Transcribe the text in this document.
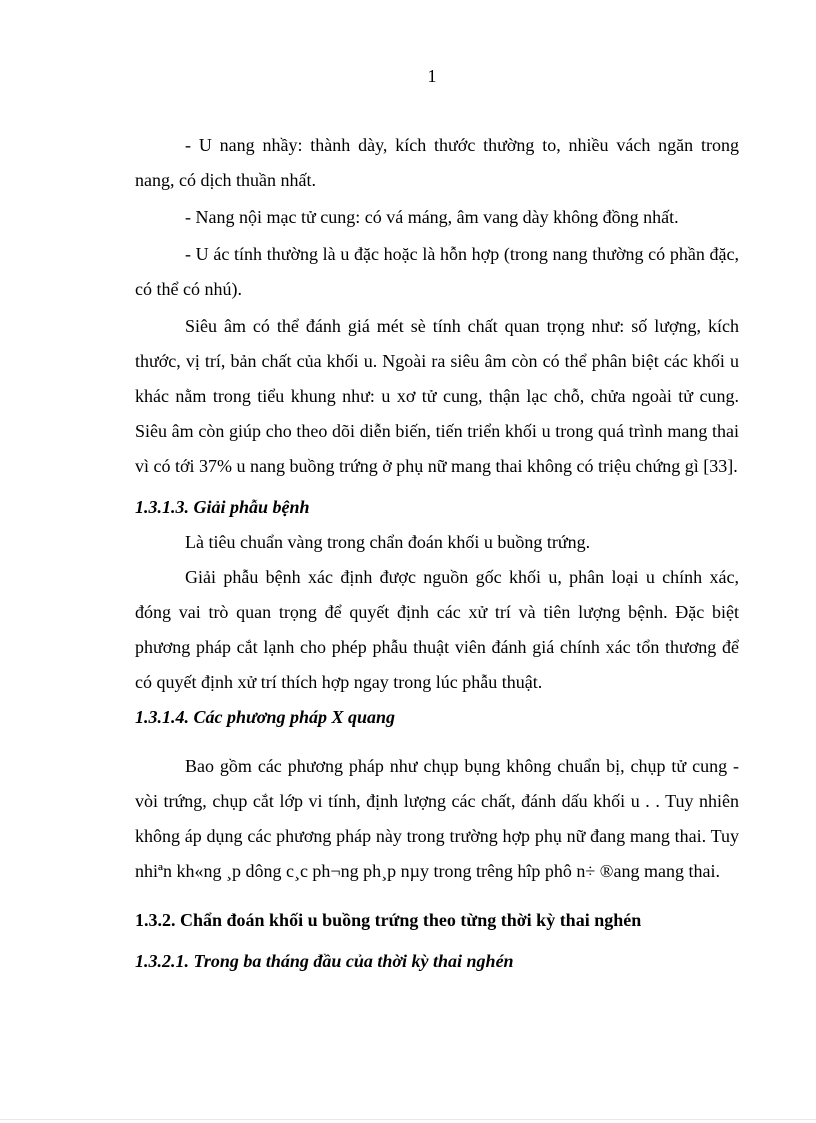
1

- U nang nhầy: thành dày, kích thước thường to, nhiều vách ngăn trong nang, có dịch thuần nhất.

- Nang nội mạc tử cung: có vá máng, âm vang dày không đồng nhất.

- U ác tính thường là u đặc hoặc là hỗn hợp (trong nang thường có phần đặc, có thể có nhú).

Siêu âm có thể đánh giá mét sè tính chất quan trọng như: số lượng, kích thước, vị trí, bản chất của khối u. Ngoài ra siêu âm còn có thể phân biệt các khối u khác nằm trong tiểu khung như: u xơ tử cung, thận lạc chỗ, chửa ngoài tử cung. Siêu âm còn giúp cho theo dõi diễn biến, tiến triển khối u trong quá trình mang thai vì có tới 37% u nang buồng trứng ở phụ nữ mang thai không có triệu chứng gì [33].

1.3.1.3. Giải phẫu bệnh

Là tiêu chuẩn vàng trong chẩn đoán khối u buồng trứng.

Giải phẫu bệnh xác định được nguồn gốc khối u, phân loại u chính xác, đóng vai trò quan trọng để quyết định các xử trí và tiên lượng bệnh. Đặc biệt phương pháp cắt lạnh cho phép phẫu thuật viên đánh giá chính xác tổn thương để có quyết định xử trí thích hợp ngay trong lúc phẫu thuật.

1.3.1.4. Các phương pháp X quang

Bao gồm các phương pháp như chụp bụng không chuẩn bị, chụp tử cung - vòi trứng, chụp cắt lớp vi tính, định lượng các chất, đánh dấu khối u . . Tuy nhiên không áp dụng các phương pháp này trong trường hợp phụ nữ đang mang thai. Tuy nhiªn kh«ng ¸p dông c¸c ph¬ng ph¸p nµy trong trêng hîp phô n÷ ®ang mang thai.

1.3.2. Chẩn đoán khối u buồng trứng theo từng thời kỳ thai nghén
1.3.2.1. Trong ba tháng đầu của thời kỳ thai nghén
